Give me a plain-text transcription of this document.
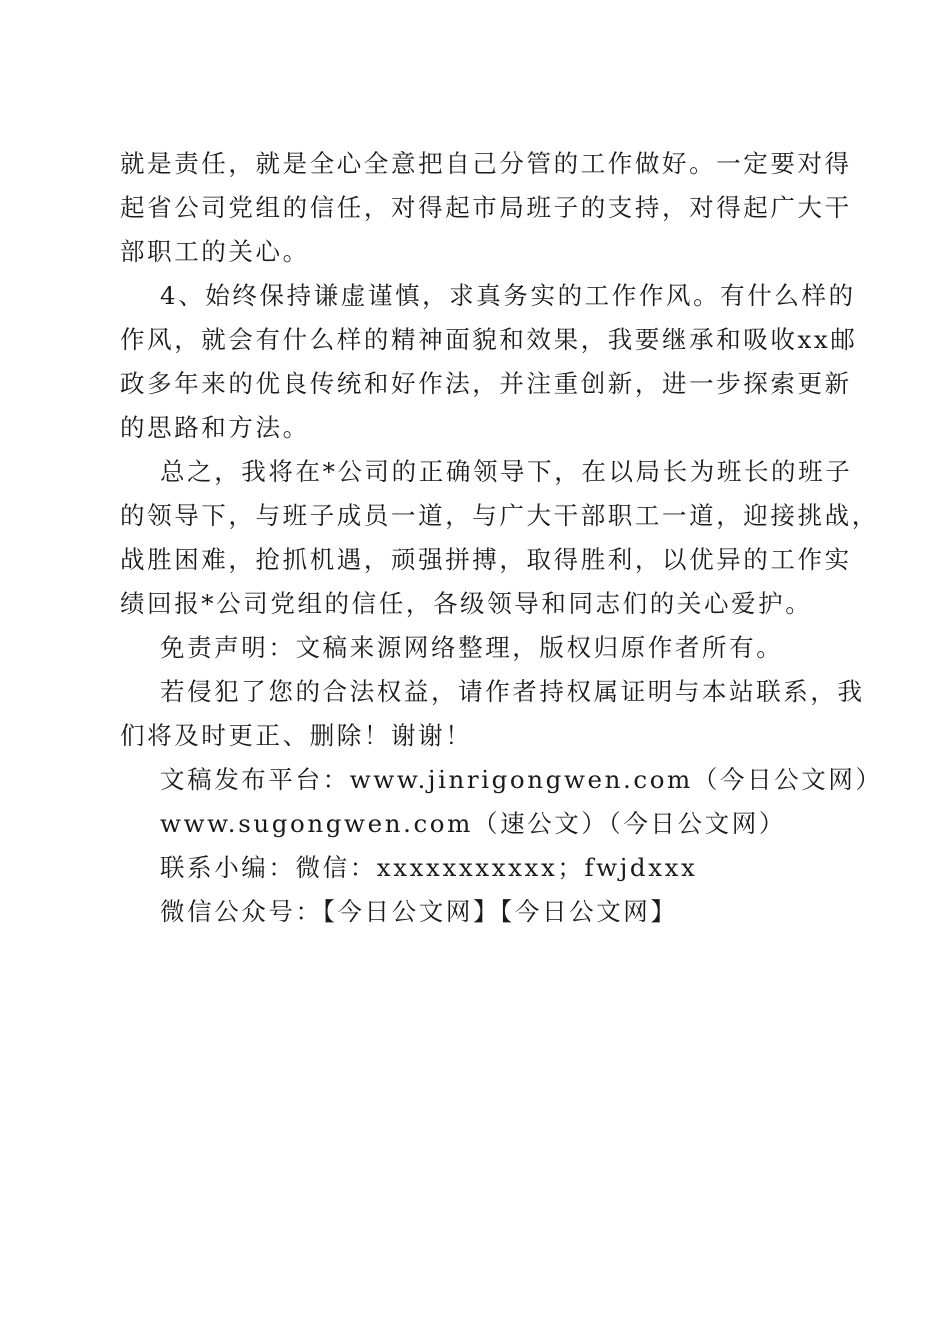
就是责任，就是全心全意把自己分管的工作做好。一定要对得
起省公司党组的信任，对得起市局班子的支持，对得起广大干
部职工的关心。
4、始终保持谦虚谨慎，求真务实的工作作风。有什么样的
作风，就会有什么样的精神面貌和效果，我要继承和吸收xx邮
政多年来的优良传统和好作法，并注重创新，进一步探索更新
的思路和方法。
总之，我将在*公司的正确领导下，在以局长为班长的班子
的领导下，与班子成员一道，与广大干部职工一道，迎接挑战，
战胜困难，抢抓机遇，顽强拼搏，取得胜利，以优异的工作实
绩回报*公司党组的信任，各级领导和同志们的关心爱护。
免责声明：文稿来源网络整理，版权归原作者所有。
若侵犯了您的合法权益，请作者持权属证明与本站联系，我
们将及时更正、删除！谢谢！
文稿发布平台：www.jinrigongwen.com（今日公文网）
www.sugongwen.com（速公文）（今日公文网）
联系小编：微信：xxxxxxxxxxx；fwjdxxx
微信公众号：【今日公文网】【今日公文网】
